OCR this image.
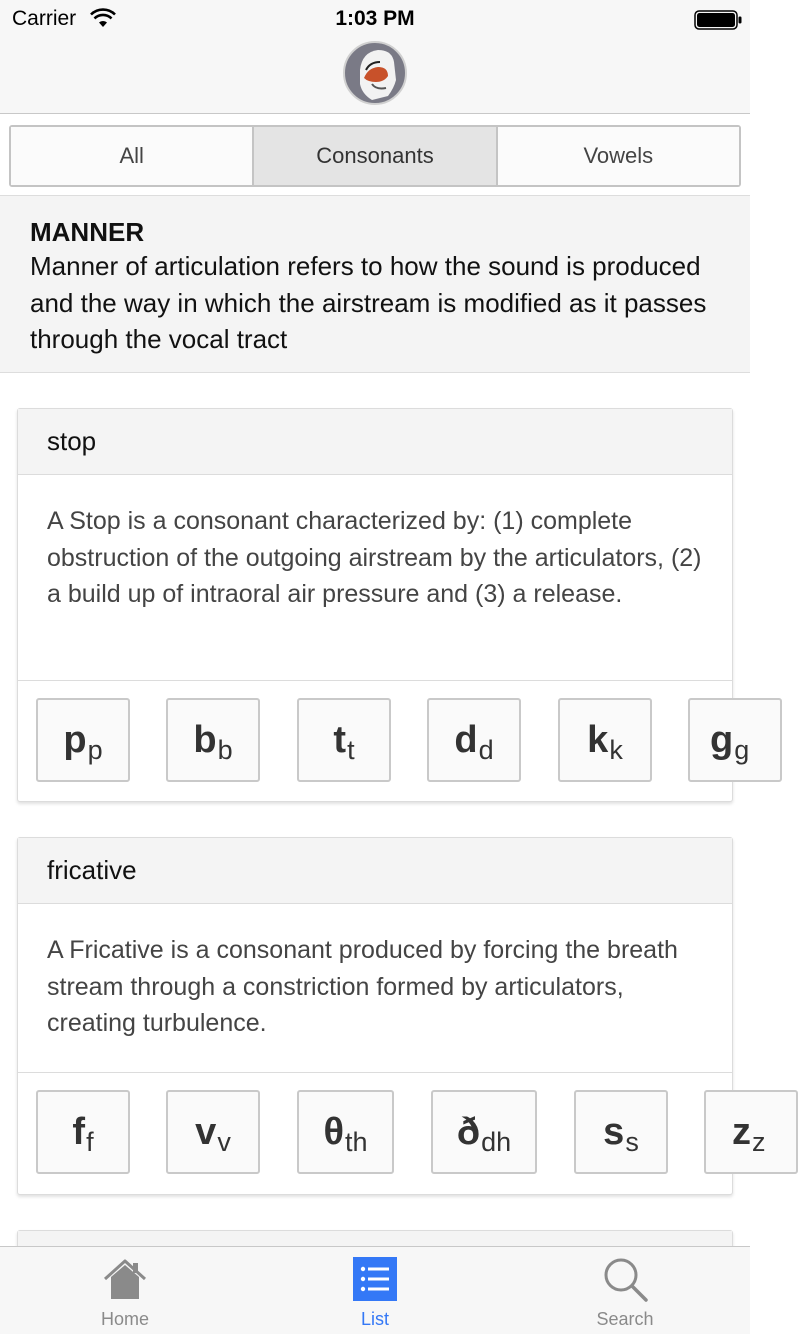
Carrier	1:03 PM
All	Consonants	Vowels
MANNER
Manner of articulation refers to how the sound is produced and the way in which the airstream is modified as it passes through the vocal tract
stop
A Stop is a consonant characterized by: (1) complete obstruction of the outgoing airstream by the articulators, (2) a build up of intraoral air pressure and (3) a release.
p p b b	t t	d d k k g g
fricative
A Fricative is a consonant produced by forcing the breath stream through a constriction formed by articulators, creating turbulence.
f f	v v θ th ð dh s s z z
Home	List	Search
